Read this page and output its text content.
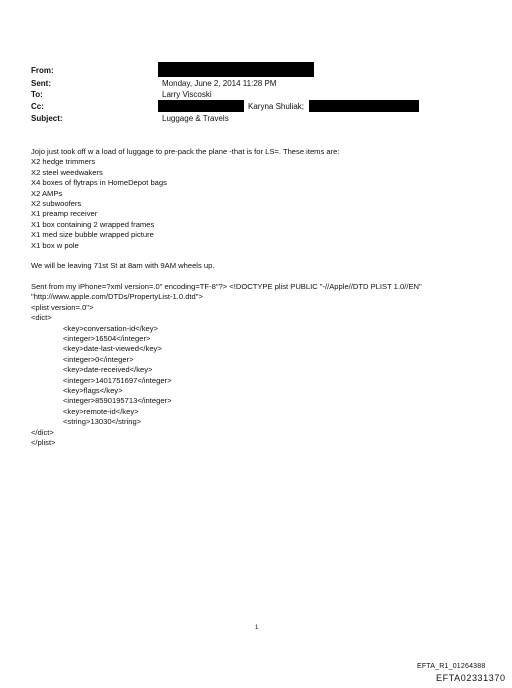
From:
Sent:	Monday, June 2, 2014 11:28 PM
To:	Larry Viscoski
Cc:	Karyna Shuliak;
Subject:	Luggage & Travels
Jojo just took off w a load of luggage to pre-pack the plane -that is for LS=. These items are:
X2 hedge trimmers
X2 steel weedwakers
X4 boxes of flytraps in HomeDepot bags
X2 AMPs
X2 subwoofers
X1 preamp receiver
X1 box containing 2 wrapped frames
X1 med size bubble wrapped picture
X1 box w pole
We will be leaving 71st St at 8am with 9AM wheels up.
Sent from my iPhone=?xml version=.0" encoding=TF-8"?> <!DOCTYPE plist PUBLIC "-//Apple//DTD PLIST 1.0//EN"
"http://www.apple.com/DTDs/PropertyList-1.0.dtd">
<plist version=.0">
<dict>
<key>conversation-id</key>
<integer>16504</integer>
<key>date-last-viewed</key>
<integer>0</integer>
<key>date-received</key>
<integer>1401751697</integer>
<key>flags</key>
<integer>8590195713</integer>
<key>remote-id</key>
<string>13030</string>
</dict>
</plist>
1
EFTA_R1_01264388
EFTA02331370
